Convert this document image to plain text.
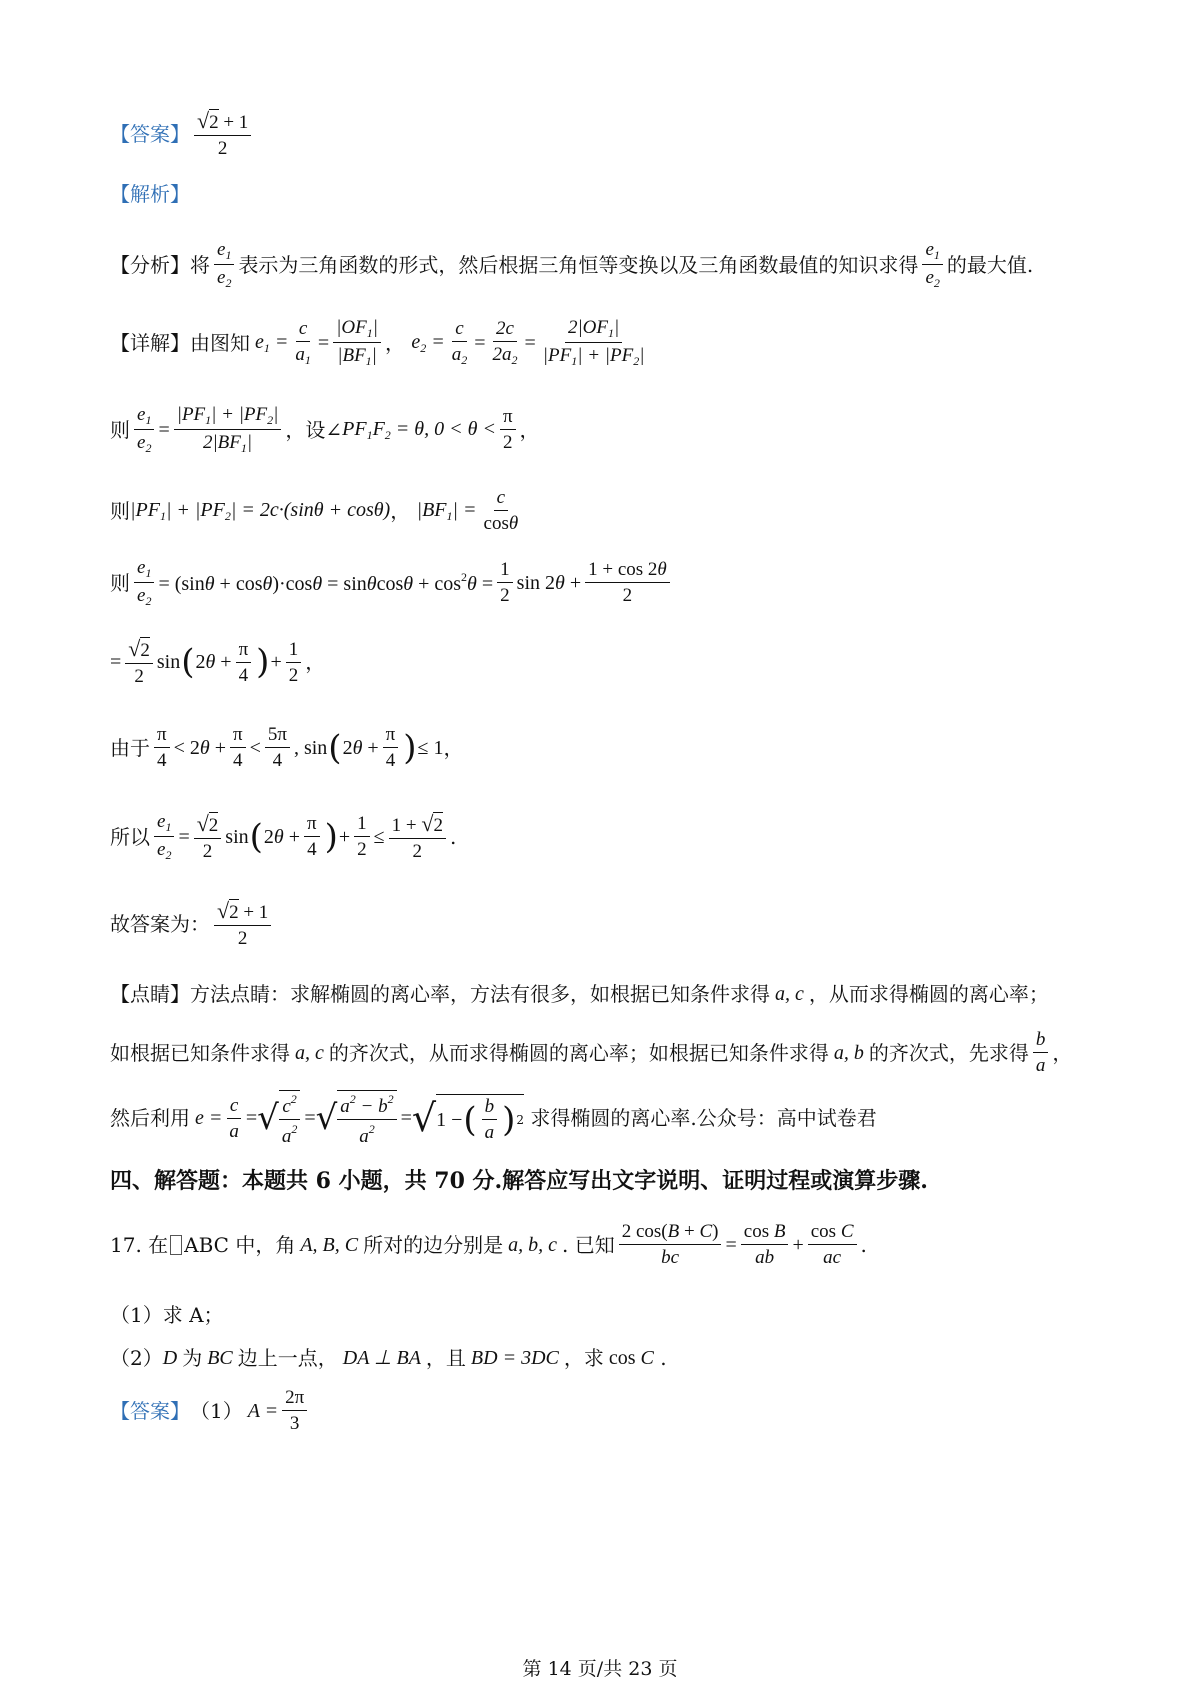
【答案】 $\frac{√2 + 1}{2}$
【解析】
【分析】 将 $\frac{e_1}{e_2}$ 表示为三角函数的形式，然后根据三角恒等变换以及三角函数最值的知识求得 $\frac{e_1}{e_2}$ 的最大值.
【详解】 由图知 $e_1 = \frac{c}{a_1} = \frac{|OF_1|}{|BF_1|}$ ， $e_2 = \frac{c}{a_2} = \frac{2c}{2a_2} = \frac{2|OF_1|}{|PF_1| + |PF_2|}$
则 $\frac{e_1}{e_2} = \frac{|PF_1| + |PF_2|}{2|BF_1|}$ ，设∠ $PF_1F_2 = \theta$, $0 < \theta < \frac{\pi}{2}$ ，
则 $|PF_1| + |PF_2| = 2c\cdot(\sin\theta + \cos\theta)$ ， $|BF_1| = \frac{c}{\cos\theta}$
则 $\frac{e_1}{e_2} = (\sin\theta + \cos\theta)\cdot\cos\theta = \sin\theta\cos\theta + \cos^2\theta = \frac{1}{2}$ $\sin 2\theta + \frac{1 + \cos 2\theta}{2}$
= $\frac{√2}{2}$ sin ( $2\theta + \frac{\pi}{4}$ ) + $\frac{1}{2}$ ，
由于 $\frac{\pi}{4} < 2\theta + \frac{\pi}{4} < \frac{5\pi}{4}$ , sin ( $2\theta + \frac{\pi}{4}$ ) ≤ 1 ，
所以 $\frac{e_1}{e_2} = \frac{√2}{2}$ sin ( $2\theta + \frac{\pi}{4}$ ) + $\frac{1}{2} \le \frac{1 + √2}{2}$ .
故答案为： $\frac{√2 + 1}{2}$
【点睛】 方法点睛：求解椭圆的离心率，方法有很多，如根据已知条件求得 a, c ，从而求得椭圆的离心率；
如根据已知条件求得 a, c 的齐次式，从而求得椭圆的离心率；如根据已知条件求得 a, b 的齐次式，先求得 $\frac{b}{a}$ ，
然后利用 $e = \frac{c}{a}$ = √ $\frac{c^2}{a^2}$ = √ $\frac{a^2 - b^2}{a^2}$ = √ 1 − ( $\frac{b}{a}$ ) 2
求得椭圆的离心率.公众号：高中试卷君
四、解答题：本题共 6 小题，共 70 分.解答应写出文字说明、证明过程或演算步骤.
17. 在 ABC 中，角 A, B, C 所对的边分别是 a, b, c . 已知 $\frac{2 \cos(B + C)}{bc} = \frac{\text{cos B}}{ab} + \frac{\text{cos C}}{ac}$ .
（1）求 A；
（2） D 为 BC 边上一点， DA ⊥ BA ，且 BD = 3DC ，求 cos C .
【答案】 （1） $A = \frac{2\pi}{3}$
第 14 页/共 23 页
